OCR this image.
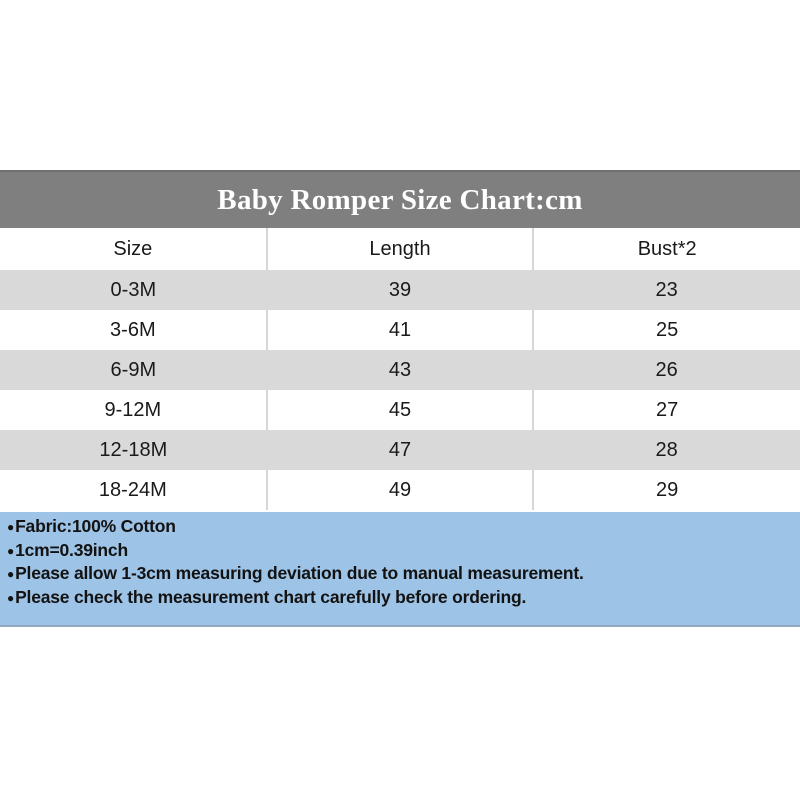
Baby Romper Size Chart:cm
Size	Length	Bust*2
0-3M	39	23
3-6M	41	25
6-9M	43	26
9-12M	45	27
12-18M	47	28
18-24M	49	29
●Fabric:100% Cotton
●1cm=0.39inch
●Please allow 1-3cm measuring deviation due to manual measurement.
●Please check the measurement chart carefully before ordering.
